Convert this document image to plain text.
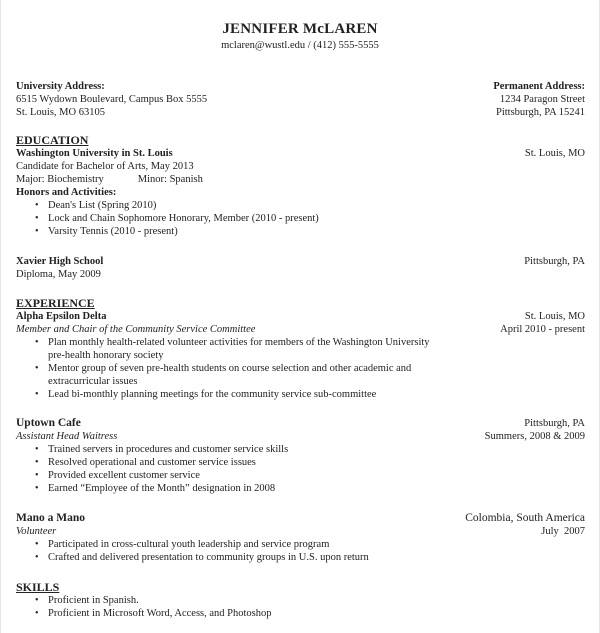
JENNIFER McLAREN
mclaren@wustl.edu / (412) 555-5555
University Address:	Permanent Address:
6515 Wydown Boulevard, Campus Box 5555	1234 Paragon Street
St. Louis, MO 63105	Pittsburgh, PA 15241
EDUCATION
Washington University in St. Louis	St. Louis, MO
Candidate for Bachelor of Arts, May 2013
Major: Biochemistry	Minor: Spanish
Honors and Activities:
• Dean's List (Spring 2010)
• Lock and Chain Sophomore Honorary, Member (2010 - present)
• Varsity Tennis (2010 - present)
Xavier High School	Pittsburgh, PA
Diploma, May 2009
EXPERIENCE
Alpha Epsilon Delta	St. Louis, MO
Member and Chair of the Community Service Committee	April 2010 - present
• Plan monthly health-related volunteer activities for members of the Washington University
pre-health honorary society
• Mentor group of seven pre-health students on course selection and other academic and
extracurricular issues
• Lead bi-monthly planning meetings for the community service sub-committee
Uptown Cafe	Pittsburgh, PA
Assistant Head Waitress	Summers, 2008 & 2009
• Trained servers in procedures and customer service skills
• Resolved operational and customer service issues
• Provided excellent customer service
• Earned “Employee of the Month” designation in 2008
Mano a Mano	Colombia, South America
Volunteer	July  2007
• Participated in cross-cultural youth leadership and service program
• Crafted and delivered presentation to community groups in U.S. upon return
SKILLS
• Proficient in Spanish.
• Proficient in Microsoft Word, Access, and Photoshop
